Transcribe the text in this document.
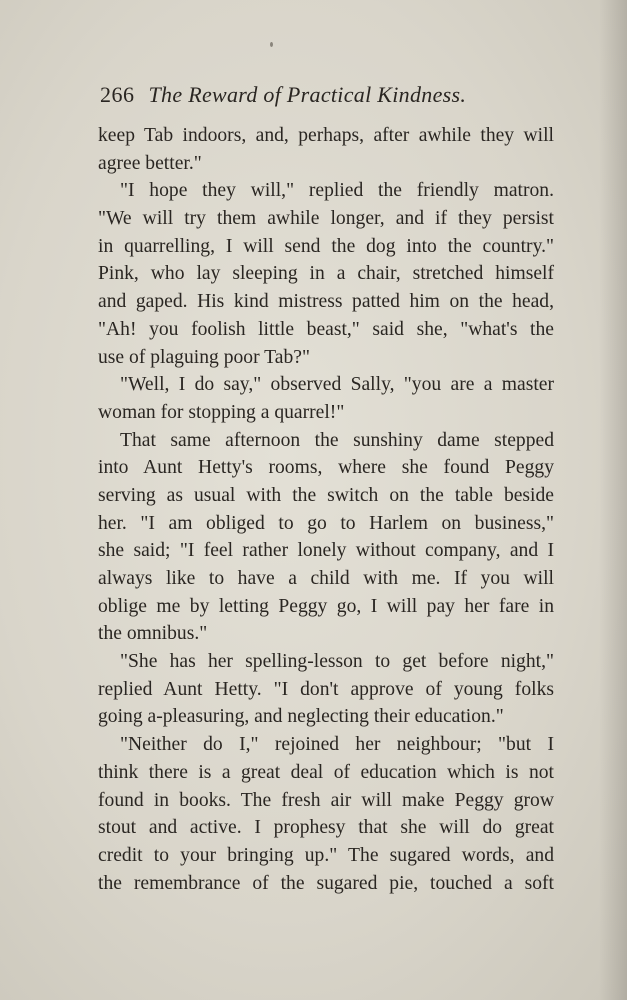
266 The Reward of Practical Kindness.
keep Tab indoors, and, perhaps, after awhile they will
agree better."
"I hope they will," replied the friendly matron.
"We will try them awhile longer, and if they persist
in quarrelling, I will send the dog into the country."
Pink, who lay sleeping in a chair, stretched himself
and gaped. His kind mistress patted him on the head,
"Ah! you foolish little beast," said she, "what's the
use of plaguing poor Tab?"
"Well, I do say," observed Sally, "you are a master
woman for stopping a quarrel!"
That same afternoon the sunshiny dame stepped
into Aunt Hetty's rooms, where she found Peggy
serving as usual with the switch on the table beside
her. "I am obliged to go to Harlem on business,"
she said; "I feel rather lonely without company, and I
always like to have a child with me. If you will
oblige me by letting Peggy go, I will pay her fare in
the omnibus."
"She has her spelling-lesson to get before night,"
replied Aunt Hetty. "I don't approve of young folks
going a-pleasuring, and neglecting their education."
"Neither do I," rejoined her neighbour; "but I
think there is a great deal of education which is not
found in books. The fresh air will make Peggy grow
stout and active. I prophesy that she will do great
credit to your bringing up." The sugared words, and
the remembrance of the sugared pie, touched a soft
